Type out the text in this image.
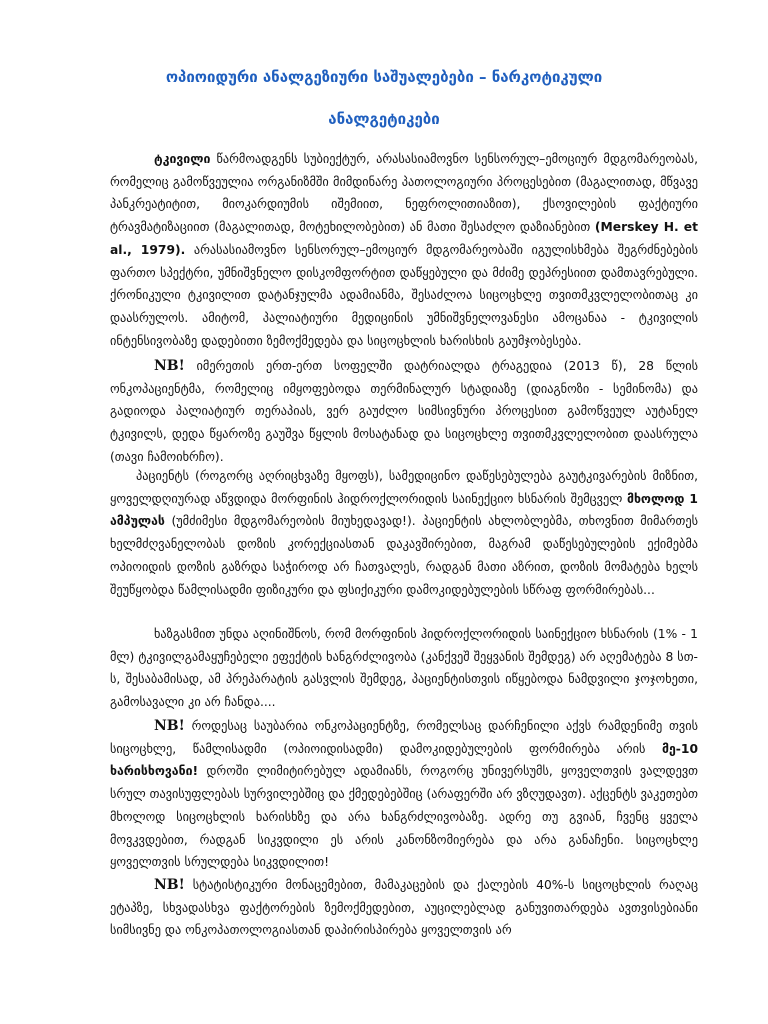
ოპიოიდური ანალგეზიური საშუალებები – ნარკოტიკული
ანალგეტიკები

ტკივილი წარმოადგენს სუბიექტურ, არასასიამოვნო სენსორულ–ემოციურ მდგომარეობას, რომელიც გამოწვეულია ორგანიზმში მიმდინარე პათოლოგიური პროცესებით (მაგალითად, მწვავე პანკრეატიტით, მიოკარდიუმის იშემიით, ნეფროლითიაზით), ქსოვილების ფაქტიური ტრავმატიზაციით (მაგალითად, მოტეხილობებით) ან მათი შესაძლო დაზიანებით (Merskey H. et al., 1979). არასასიამოვნო სენსორულ–ემოციურ მდგომარეობაში იგულისხმება შეგრძნებების ფართო სპექტრი, უმნიშვნელო დისკომფორტით დაწყებული და მძიმე დეპრესიით დამთავრებული. ქრონიკული ტკივილით დატანჯულმა ადამიანმა, შესაძლოა სიცოცხლე თვითმკვლელობითაც კი დაასრულოს. ამიტომ, პალიატიური მედიცინის უმნიშვნელოვანესი ამოცანაა - ტკივილის ინტენსივობაზე დადებითი ზემოქმედება და სიცოცხლის ხარისხის გაუმჯობესება.

NB! იმერეთის ერთ-ერთ სოფელში დატრიალდა ტრაგედია (2013 წ), 28 წლის ონკოპაციენტმა, რომელიც იმყოფებოდა თერმინალურ სტადიაზე (დიაგნოზი - სემინომა) და გადიოდა პალიატიურ თერაპიას, ვერ გაუძლო სიმსივნური პროცესით გამოწვეულ აუტანელ ტკივილს, დედა წყაროზე გაუშვა წყლის მოსატანად და სიცოცხლე თვითმკვლელობით დაასრულა (თავი ჩამოიხრჩო).

პაციენტს (როგორც აღრიცხვაზე მყოფს), სამედიცინო დაწესებულება გაუტკივარების მიზნით, ყოველდღიურად აწვდიდა მორფინის ჰიდროქლორიდის საინექციო ხსნარის შემცველ მხოლოდ 1 ამპულას (უმძიმესი მდგომარეობის მიუხედავად!). პაციენტის ახლობლებმა, თხოვნით მიმართეს ხელმძღვანელობას დოზის კორექციასთან დაკავშირებით, მაგრამ დაწესებულების ექიმებმა ოპიოიდის დოზის გაზრდა საჭიროდ არ ჩათვალეს, რადგან მათი აზრით, დოზის მომატება ხელს შეუწყობდა წამლისადმი ფიზიკური და ფსიქიკური დამოკიდებულების სწრაფ ფორმირებას...

ხაზგასმით უნდა აღინიშნოს, რომ მორფინის ჰიდროქლორიდის საინექციო ხსნარის (1% - 1 მლ) ტკივილგამაყუჩებელი ეფექტის ხანგრძლივობა (კანქვეშ შეყვანის შემდეგ) არ აღემატება 8 სთ-ს, შესაბამისად, ამ პრეპარატის გასვლის შემდეგ, პაციენტისთვის იწყებოდა ნამდვილი ჯოჯოხეთი, გამოსავალი კი არ ჩანდა....

NB! როდესაც საუბარია ონკოპაციენტზე, რომელსაც დარჩენილი აქვს რამდენიმე თვის სიცოცხლე, წამლისადმი (ოპიოიდისადმი) დამოკიდებულების ფორმირება არის მე-10 ხარისხოვანი! დროში ლიმიტირებულ ადამიანს, როგორც უნივერსუმს, ყოველთვის ვალდევთ სრულ თავისუფლებას სურვილებშიც და ქმედებებშიც (არაფერში არ ვზღუდავთ). აქცენტს ვაკეთებთ მხოლოდ სიცოცხლის ხარისხზე და არა ხანგრძლივობაზე. ადრე თუ გვიან, ჩვენც ყველა მოვკვდებით, რადგან სიკვდილი ეს არის კანონზომიერება და არა განაჩენი. სიცოცხლე ყოველთვის სრულდება სიკვდილით!

NB! სტატისტიკური მონაცემებით, მამაკაცების და ქალების 40%-ს სიცოცხლის რაღაც ეტაპზე, სხვადასხვა ფაქტორების ზემოქმედებით, აუცილებლად განუვითარდება ავთვისებიანი სიმსივნე და ონკოპათოლოგიასთან დაპირისპირება ყოველთვის არ
